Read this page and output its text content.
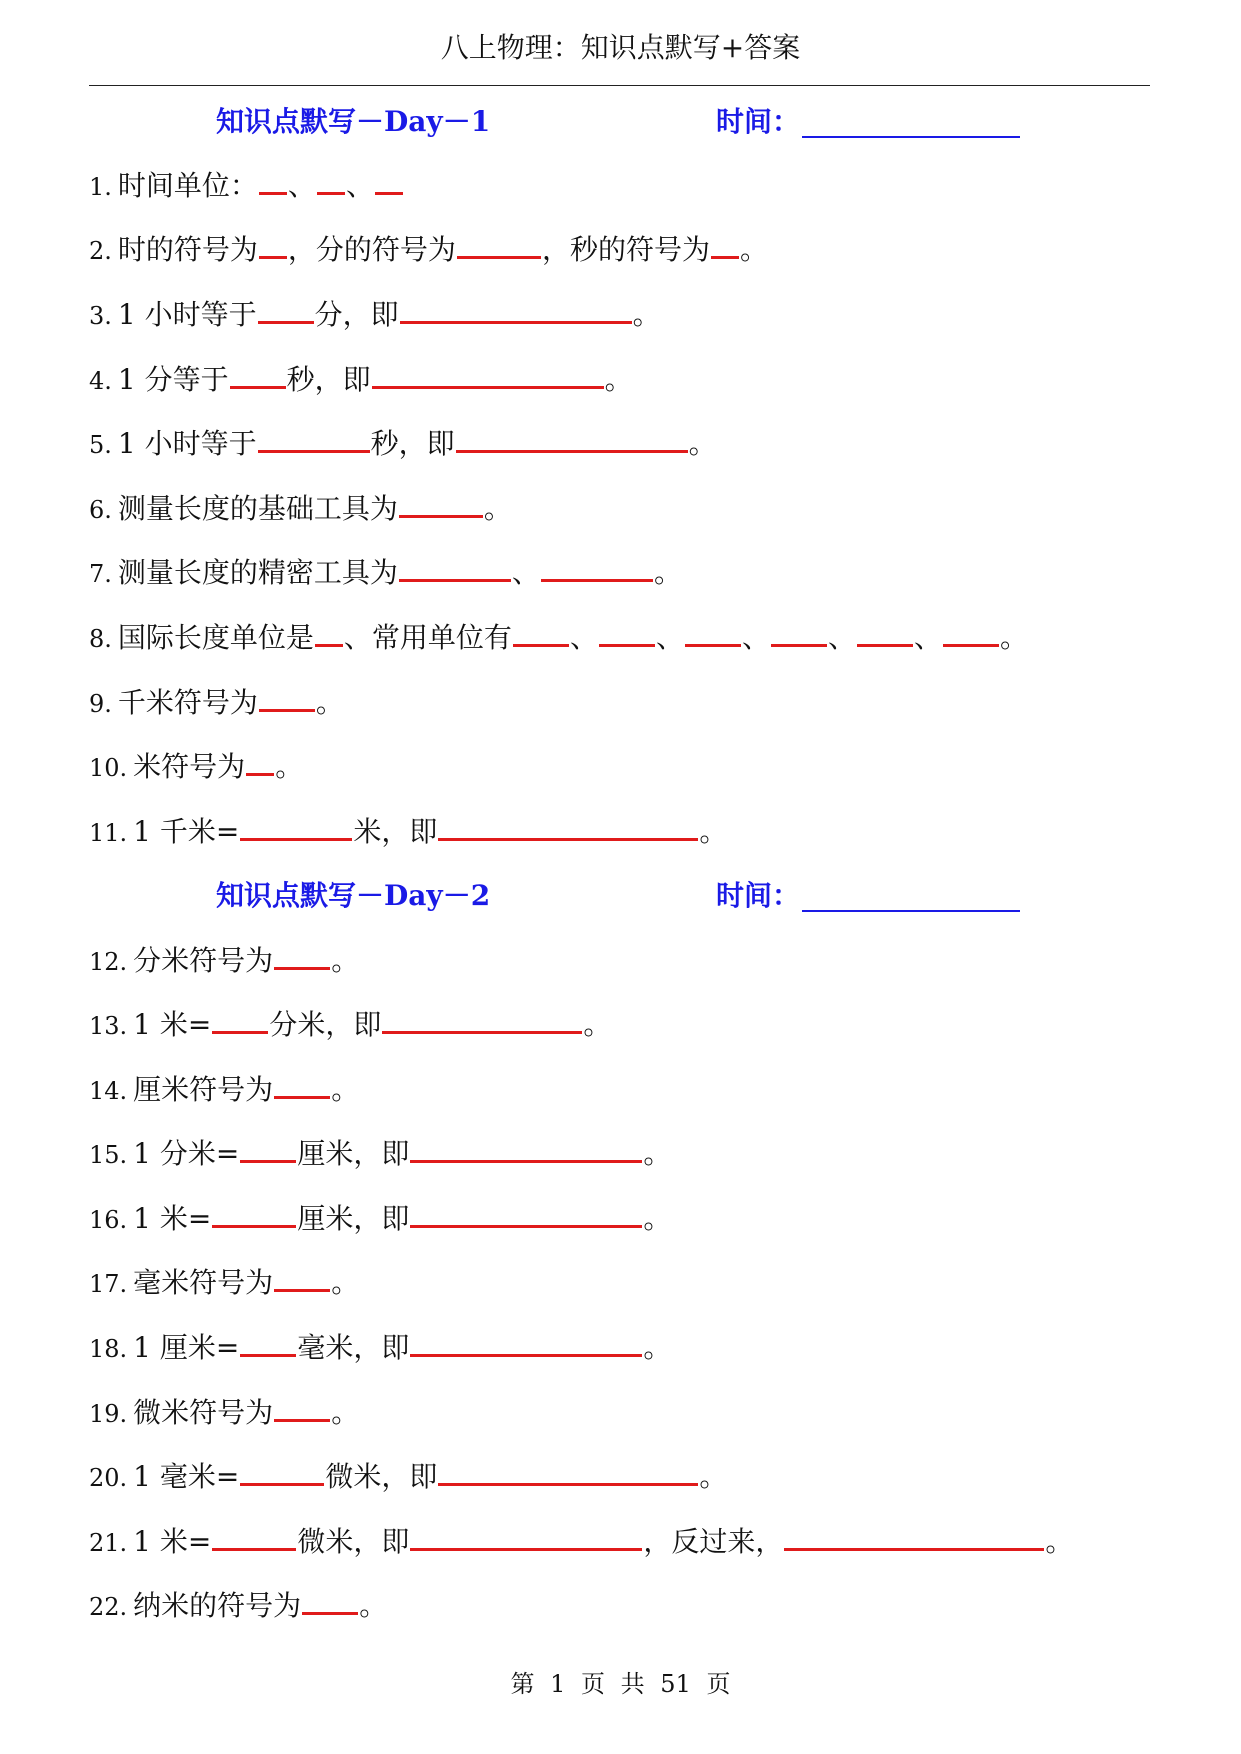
八上物理：知识点默写+答案
知识点默写－Day－1	时间：
1. 时间单位： 、 、
2. 时的符号为 ，分的符号为	，秒的符号为 。
3. 1 小时等于 分，即	。
4. 1 分等于 秒，即	。
5. 1 小时等于	秒，即	。
6. 测量长度的基础工具为	。
7. 测量长度的精密工具为	、	。
8. 国际长度单位是 、常用单位有 、 、 、 、 、 。
9. 千米符号为 。
10. 米符号为 。
11. 1 千米=	米，即	。
知识点默写－Day－2	时间：
12. 分米符号为 。
13. 1 米= 分米，即	。
14. 厘米符号为 。
15. 1 分米= 厘米，即	。
16. 1 米=	厘米，即	。
17. 毫米符号为 。
18. 1 厘米= 毫米，即	。
19. 微米符号为 。
20. 1 毫米=	微米，即	。
21. 1 米=	微米，即	，反过来，	。
22. 纳米的符号为 。
第 1 页 共 51 页
